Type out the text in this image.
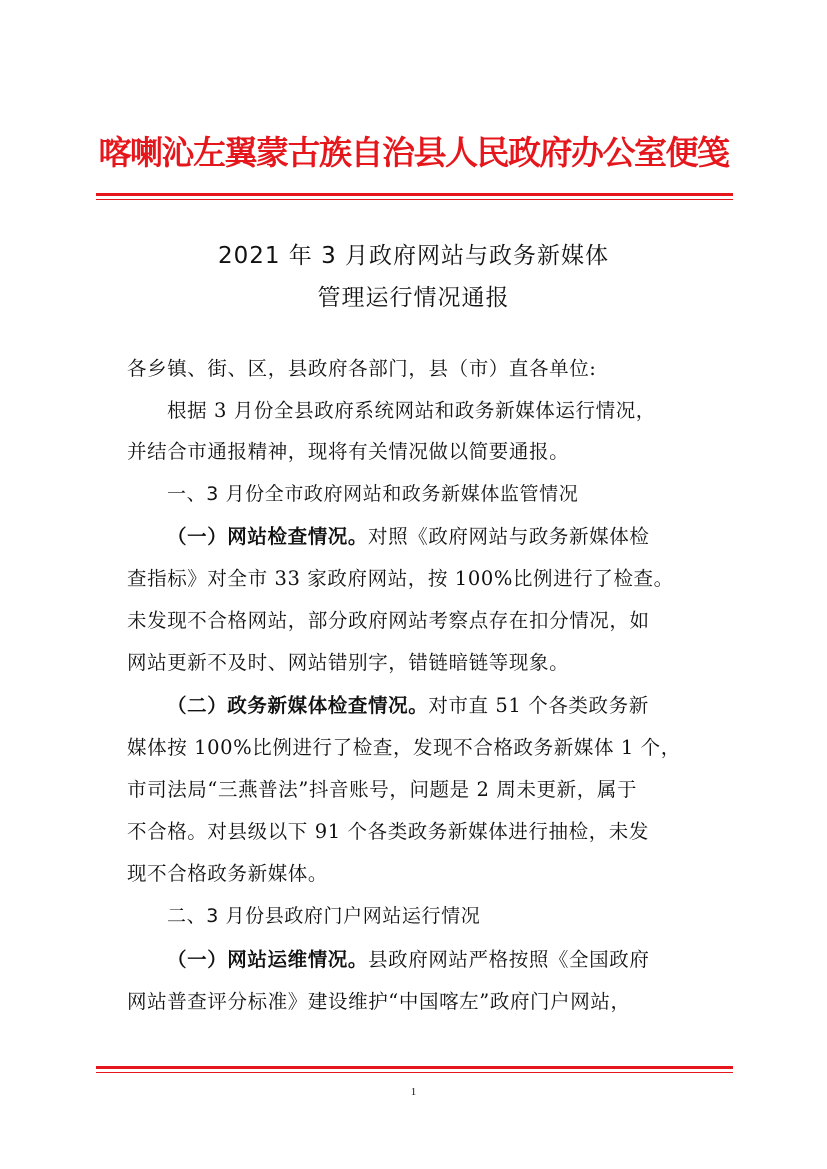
喀喇沁左翼蒙古族自治县人民政府办公室便笺
2021 年 3 月政府网站与政务新媒体
管理运行情况通报
各乡镇、街、区，县政府各部门，县（市）直各单位:
根据 3 月份全县政府系统网站和政务新媒体运行情况，
并结合市通报精神，现将有关情况做以简要通报。
一、3 月份全市政府网站和政务新媒体监管情况
（一）网站检查情况。对照《政府网站与政务新媒体检
查指标》对全市 33 家政府网站，按 100%比例进行了检查。
未发现不合格网站，部分政府网站考察点存在扣分情况，如
网站更新不及时、网站错别字，错链暗链等现象。
（二）政务新媒体检查情况。对市直 51 个各类政务新
媒体按 100%比例进行了检查，发现不合格政务新媒体 1 个，
市司法局“三燕普法”抖音账号，问题是 2 周未更新，属于
不合格。对县级以下 91 个各类政务新媒体进行抽检，未发
现不合格政务新媒体。
二、3 月份县政府门户网站运行情况
（一）网站运维情况。县政府网站严格按照《全国政府
网站普查评分标准》建设维护“中国喀左”政府门户网站，
1
